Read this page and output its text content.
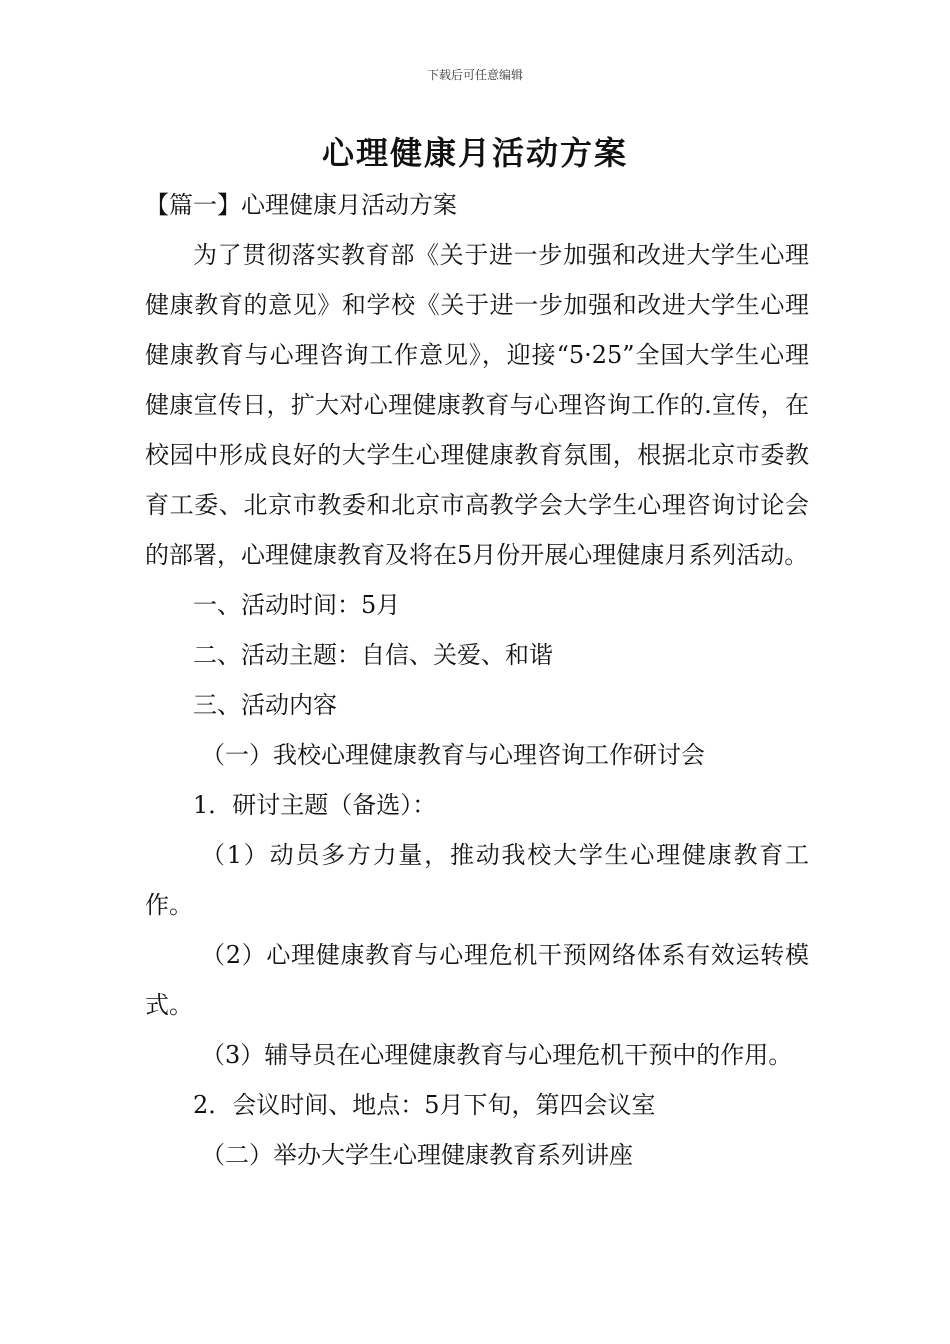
下载后可任意编辑
心理健康月活动方案

【篇一】心理健康月活动方案

为了贯彻落实教育部《关于进一步加强和改进大学生心理健康教育的意见》和学校《关于进一步加强和改进大学生心理健康教育与心理咨询工作意见》，迎接“5·25”全国大学生心理健康宣传日，扩大对心理健康教育与心理咨询工作的.宣传，在校园中形成良好的大学生心理健康教育氛围，根据北京市委教育工委、北京市教委和北京市高教学会大学生心理咨询讨论会的部署，心理健康教育及将在5月份开展心理健康月系列活动。

一、活动时间：5月

二、活动主题：自信、关爱、和谐

三、活动内容

（一）我校心理健康教育与心理咨询工作研讨会

1．研讨主题（备选）：

（1）动员多方力量，推动我校大学生心理健康教育工作。

（2）心理健康教育与心理危机干预网络体系有效运转模式。

（3）辅导员在心理健康教育与心理危机干预中的作用。

2．会议时间、地点：5月下旬，第四会议室

（二）举办大学生心理健康教育系列讲座
